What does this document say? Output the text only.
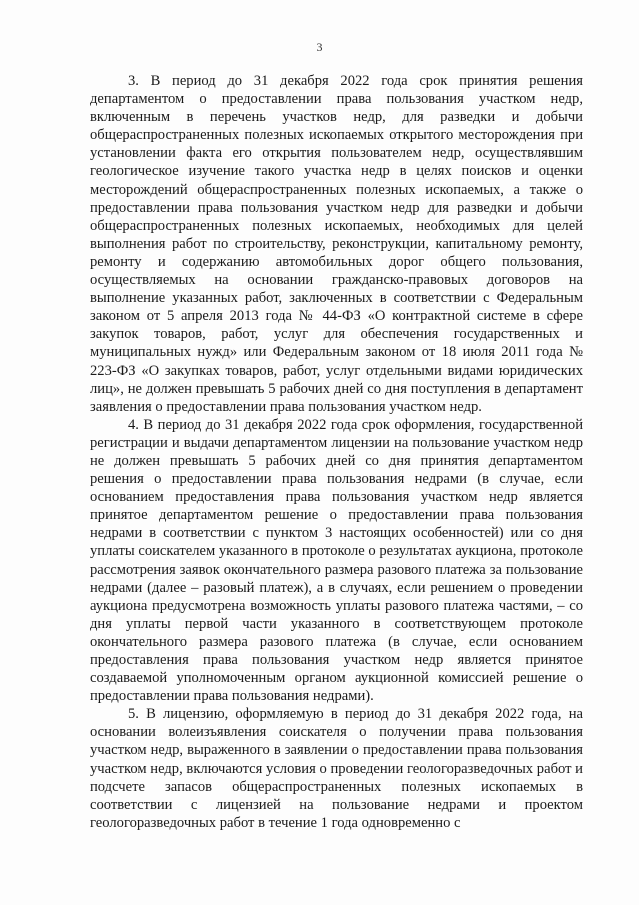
3

3. В период до 31 декабря 2022 года срок принятия решения департаментом о предоставлении права пользования участком недр, включенным в перечень участков недр, для разведки и добычи общераспространенных полезных ископаемых открытого месторождения при установлении факта его открытия пользователем недр, осуществлявшим геологическое изучение такого участка недр в целях поисков и оценки месторождений общераспространенных полезных ископаемых, а также о предоставлении права пользования участком недр для разведки и добычи общераспространенных полезных ископаемых, необходимых для целей выполнения работ по строительству, реконструкции, капитальному ремонту, ремонту и содержанию автомобильных дорог общего пользования, осуществляемых на основании гражданско-правовых договоров на выполнение указанных работ, заключенных в соответствии с Федеральным законом от 5 апреля 2013 года № 44-ФЗ «О контрактной системе в сфере закупок товаров, работ, услуг для обеспечения государственных и муниципальных нужд» или Федеральным законом от 18 июля 2011 года № 223-ФЗ «О закупках товаров, работ, услуг отдельными видами юридических лиц», не должен превышать 5 рабочих дней со дня поступления в департамент заявления о предоставлении права пользования участком недр.

4. В период до 31 декабря 2022 года срок оформления, государственной регистрации и выдачи департаментом лицензии на пользование участком недр не должен превышать 5 рабочих дней со дня принятия департаментом решения о предоставлении права пользования недрами (в случае, если основанием предоставления права пользования участком недр является принятое департаментом решение о предоставлении права пользования недрами в соответствии с пунктом 3 настоящих особенностей) или со дня уплаты соискателем указанного в протоколе о результатах аукциона, протоколе рассмотрения заявок окончательного размера разового платежа за пользование недрами (далее – разовый платеж), а в случаях, если решением о проведении аукциона предусмотрена возможность уплаты разового платежа частями, – со дня уплаты первой части указанного в соответствующем протоколе окончательного размера разового платежа (в случае, если основанием предоставления права пользования участком недр является принятое создаваемой уполномоченным органом аукционной комиссией решение о предоставлении права пользования недрами).

5. В лицензию, оформляемую в период до 31 декабря 2022 года, на основании волеизъявления соискателя о получении права пользования участком недр, выраженного в заявлении о предоставлении права пользования участком недр, включаются условия о проведении геологоразведочных работ и подсчете запасов общераспространенных полезных ископаемых в соответствии с лицензией на пользование недрами и проектом геологоразведочных работ в течение 1 года одновременно с
